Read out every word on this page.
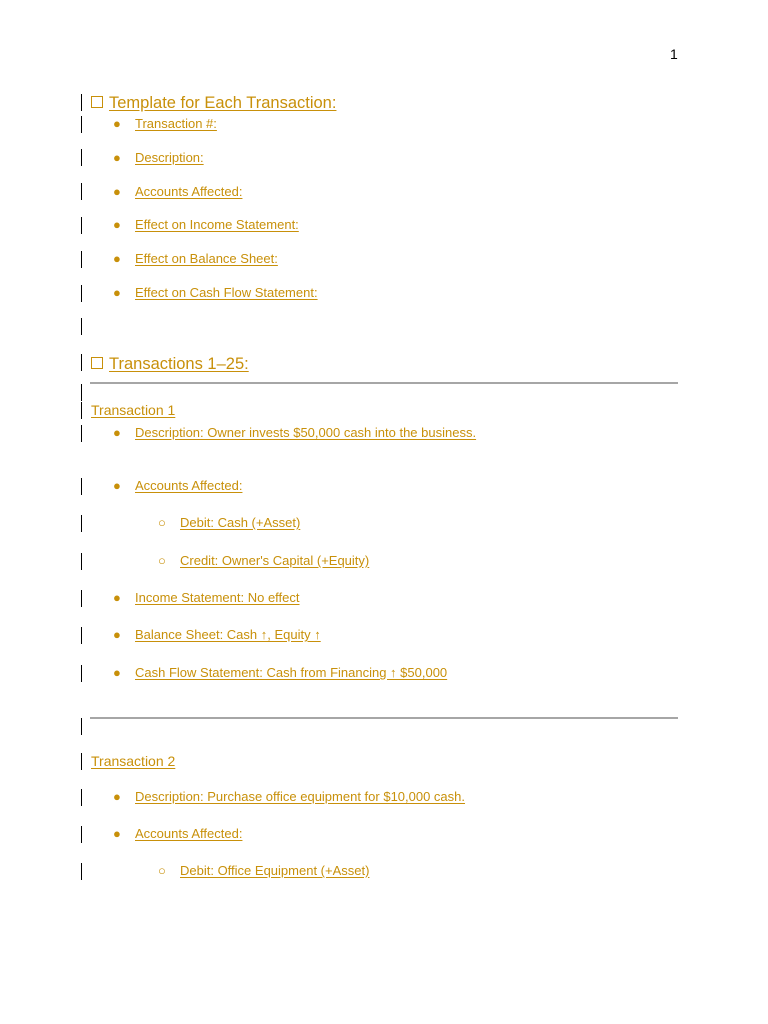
1
Template for Each Transaction:
● Transaction #:
● Description:
● Accounts Affected:
● Effect on Income Statement:
● Effect on Balance Sheet:
● Effect on Cash Flow Statement:
Transactions 1–25:
Transaction 1
● Description: Owner invests $50,000 cash into the business.
● Accounts Affected:
○ Debit: Cash (+Asset)
○ Credit: Owner's Capital (+Equity)
● Income Statement: No effect
● Balance Sheet: Cash ↑, Equity ↑
● Cash Flow Statement: Cash from Financing ↑ $50,000
Transaction 2
● Description: Purchase office equipment for $10,000 cash.
● Accounts Affected:
○ Debit: Office Equipment (+Asset)
